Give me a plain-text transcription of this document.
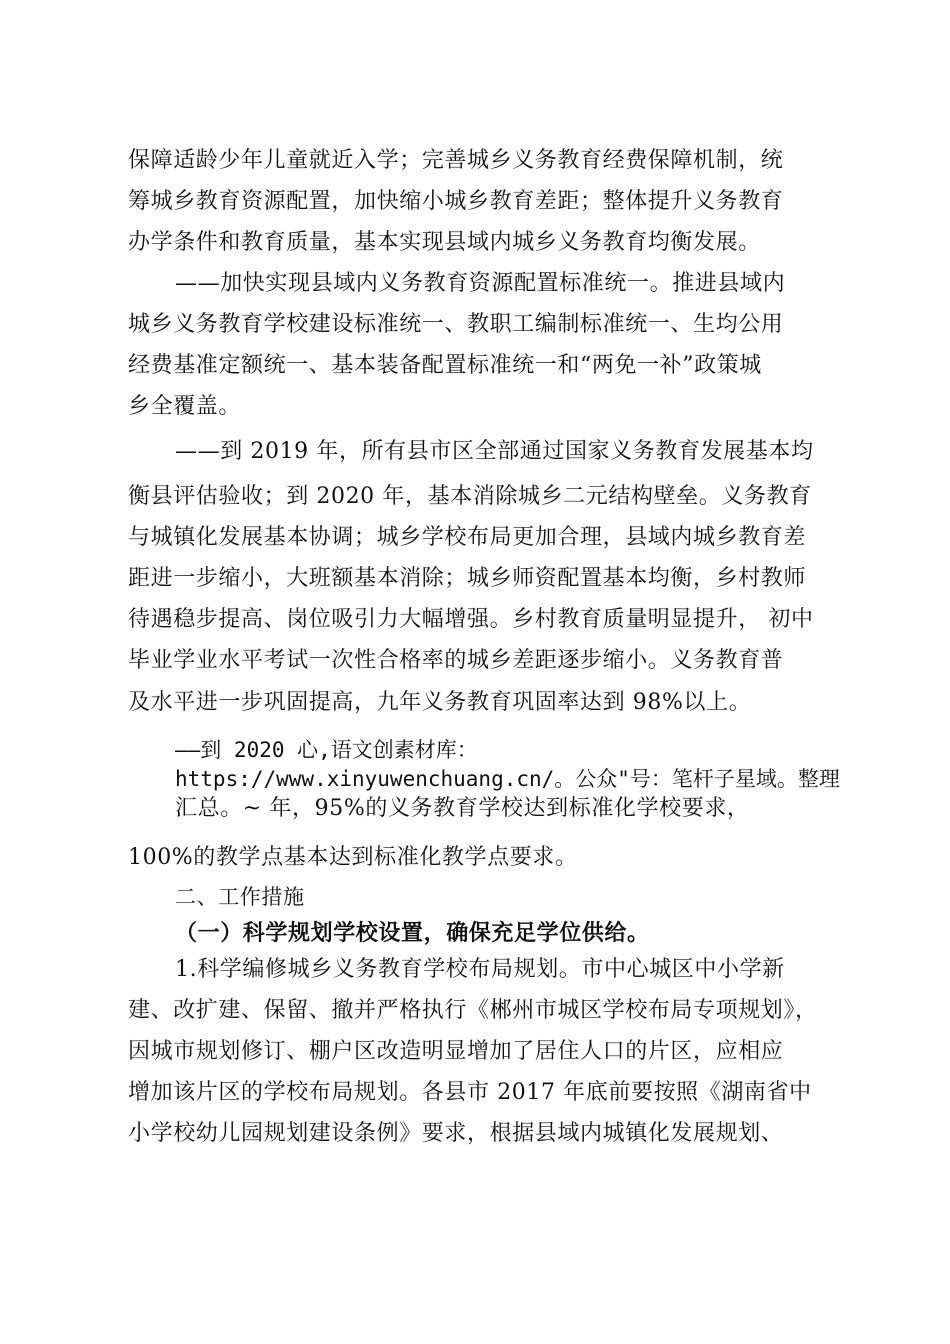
保障适龄少年儿童就近入学；完善城乡义务教育经费保障机制，统
筹城乡教育资源配置，加快缩小城乡教育差距；整体提升义务教育
办学条件和教育质量，基本实现县域内城乡义务教育均衡发展。
——加快实现县域内义务教育资源配置标准统一。推进县域内
城乡义务教育学校建设标准统一、教职工编制标准统一、生均公用
经费基准定额统一、基本装备配置标准统一和“两免一补”政策城
乡全覆盖。
——到 2019 年，所有县市区全部通过国家义务教育发展基本均
衡县评估验收；到 2020 年，基本消除城乡二元结构壁垒。义务教育
与城镇化发展基本协调；城乡学校布局更加合理，县域内城乡教育差
距进一步缩小，大班额基本消除；城乡师资配置基本均衡，乡村教师
待遇稳步提高、岗位吸引力大幅增强。乡村教育质量明显提升， 初中
毕业学业水平考试一次性合格率的城乡差距逐步缩小。义务教育普
及水平进一步巩固提高，九年义务教育巩固率达到 98%以上。
——到 2020 心,语文创素材库：
https://www.xinyuwenchuang.cn/。公众"号：笔杆子星域。整理
汇总。~ 年，95%的义务教育学校达到标准化学校要求，
100%的教学点基本达到标准化教学点要求。
二、工作措施
（一）科学规划学校设置，确保充足学位供给。
1.科学编修城乡义务教育学校布局规划。市中心城区中小学新
建、改扩建、保留、撤并严格执行《郴州市城区学校布局专项规划》，
因城市规划修订、棚户区改造明显增加了居住人口的片区，应相应
增加该片区的学校布局规划。各县市 2017 年底前要按照《湖南省中
小学校幼儿园规划建设条例》要求，根据县域内城镇化发展规划、
